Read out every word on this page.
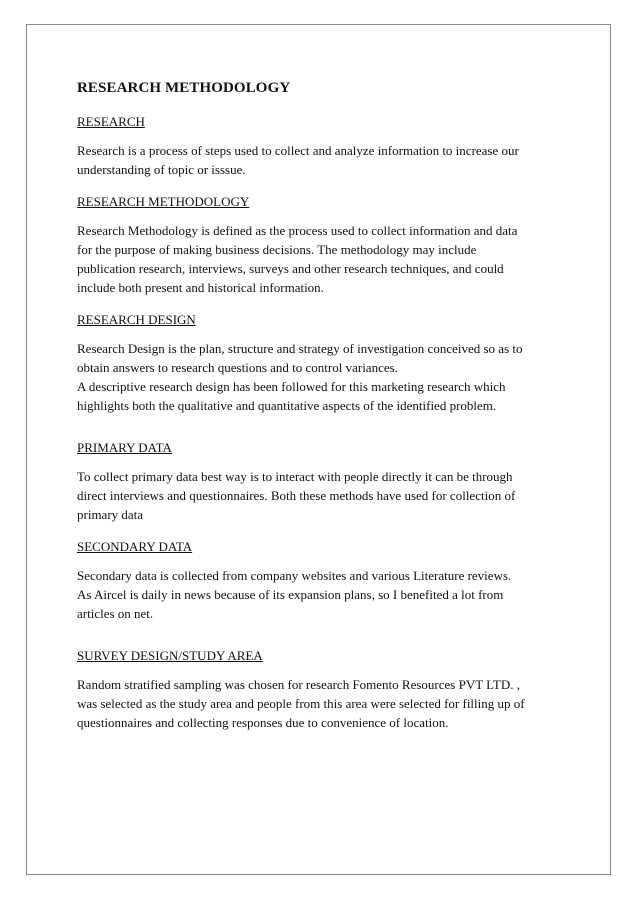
RESEARCH METHODOLOGY
RESEARCH
Research is a process of steps used to collect and analyze information to increase our
understanding of topic or isssue.
RESEARCH METHODOLOGY
Research Methodology is defined as the process used to collect information and data
for the purpose of making business decisions. The methodology may include
publication research, interviews, surveys and other research techniques, and could
include both present and historical information.
RESEARCH DESIGN
Research Design is the plan, structure and strategy of investigation conceived so as to
obtain answers to research questions and to control variances.
A descriptive research design has been followed for this marketing research which
highlights both the qualitative and quantitative aspects of the identified problem.
PRIMARY DATA
To collect primary data best way is to interact with people directly it can be through
direct interviews and questionnaires. Both these methods have used for collection of
primary data
SECONDARY DATA
Secondary data is collected from company websites and various Literature reviews.
As Aircel is daily in news because of its expansion plans, so I benefited a lot from
articles on net.
SURVEY DESIGN/STUDY AREA
Random stratified sampling was chosen for research Fomento Resources PVT LTD. ,
was selected as the study area and people from this area were selected for filling up of
questionnaires and collecting responses due to convenience of location.
